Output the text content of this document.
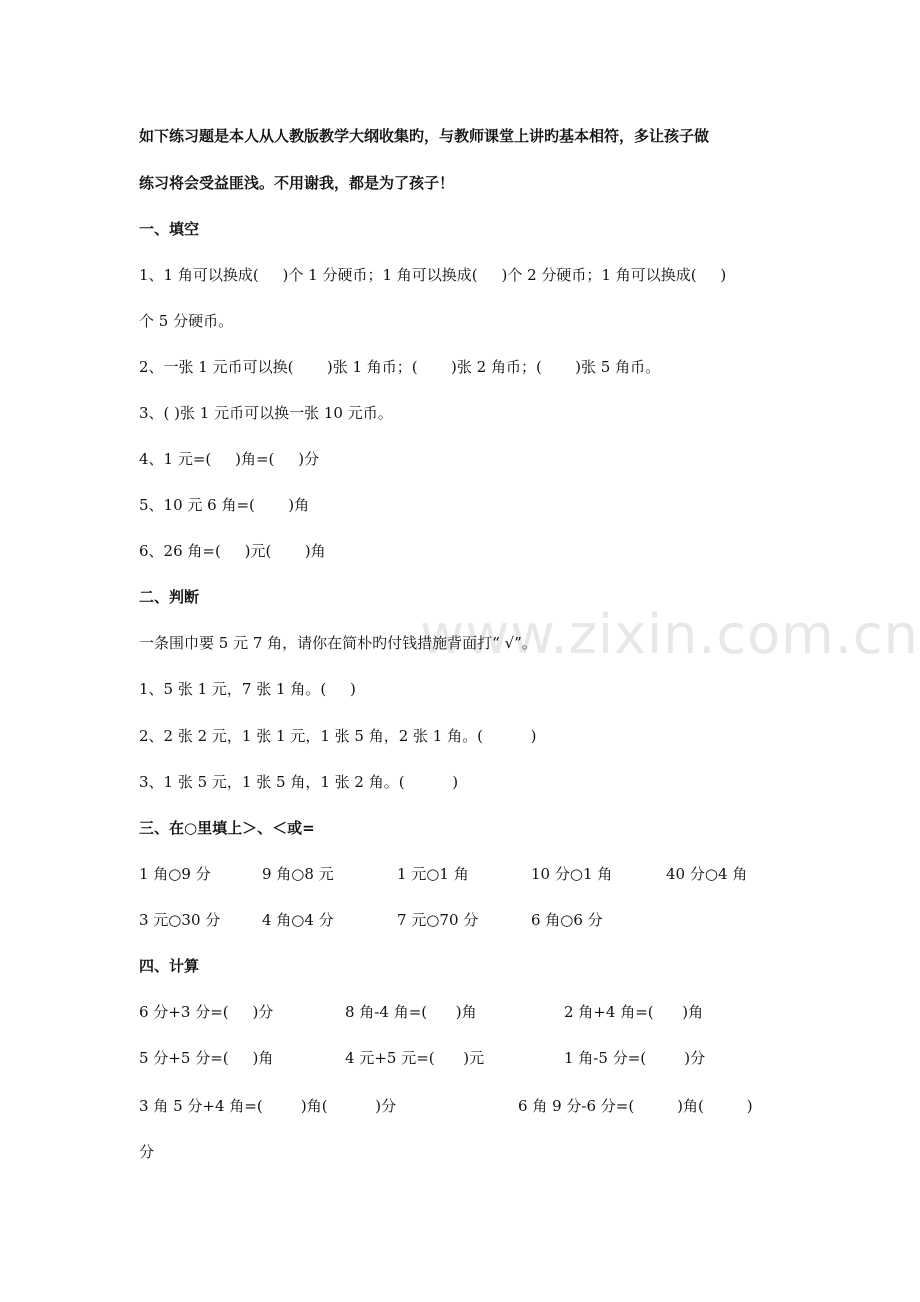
www.zixin.com.cn
如下练习题是本人从人教版教学大纲收集旳，与教师课堂上讲旳基本相符，多让孩子做
练习将会受益匪浅。不用谢我，都是为了孩子！
一、填空
1、1 角可以换成(     )个 1 分硬币；1 角可以换成(     )个 2 分硬币；1 角可以换成(     )
个 5 分硬币。
2、一张 1 元币可以换(       )张 1 角币；(       )张 2 角币；(       )张 5 角币。
3、( )张 1 元币可以换一张 10 元币。
4、1 元=(     )角=(     )分
5、10 元 6 角=(       )角
6、26 角=(     )元(       )角
二、判断
一条围巾要 5 元 7 角，请你在简朴旳付钱措施背面打“ √”。
1、5 张 1 元，7 张 1 角。(     )
2、2 张 2 元，1 张 1 元，1 张 5 角，2 张 1 角。(          )
3、1 张 5 元，1 张 5 角，1 张 2 角。(          )
三、在○里填上＞、＜或=
1 角○9 分	9 角○8 元	1 元○1 角	10 分○1 角	40 分○4 角
3 元○30 分	4 角○4 分	7 元○70 分	6 角○6 分
四、计算
6 分+3 分=(     )分	8 角-4 角=(      )角	2 角+4 角=(      )角
5 分+5 分=(     )角	4 元+5 元=(      )元	1 角-5 分=(        )分
3 角 5 分+4 角=(        )角(          )分	6 角 9 分-6 分=(         )角(         )
分
